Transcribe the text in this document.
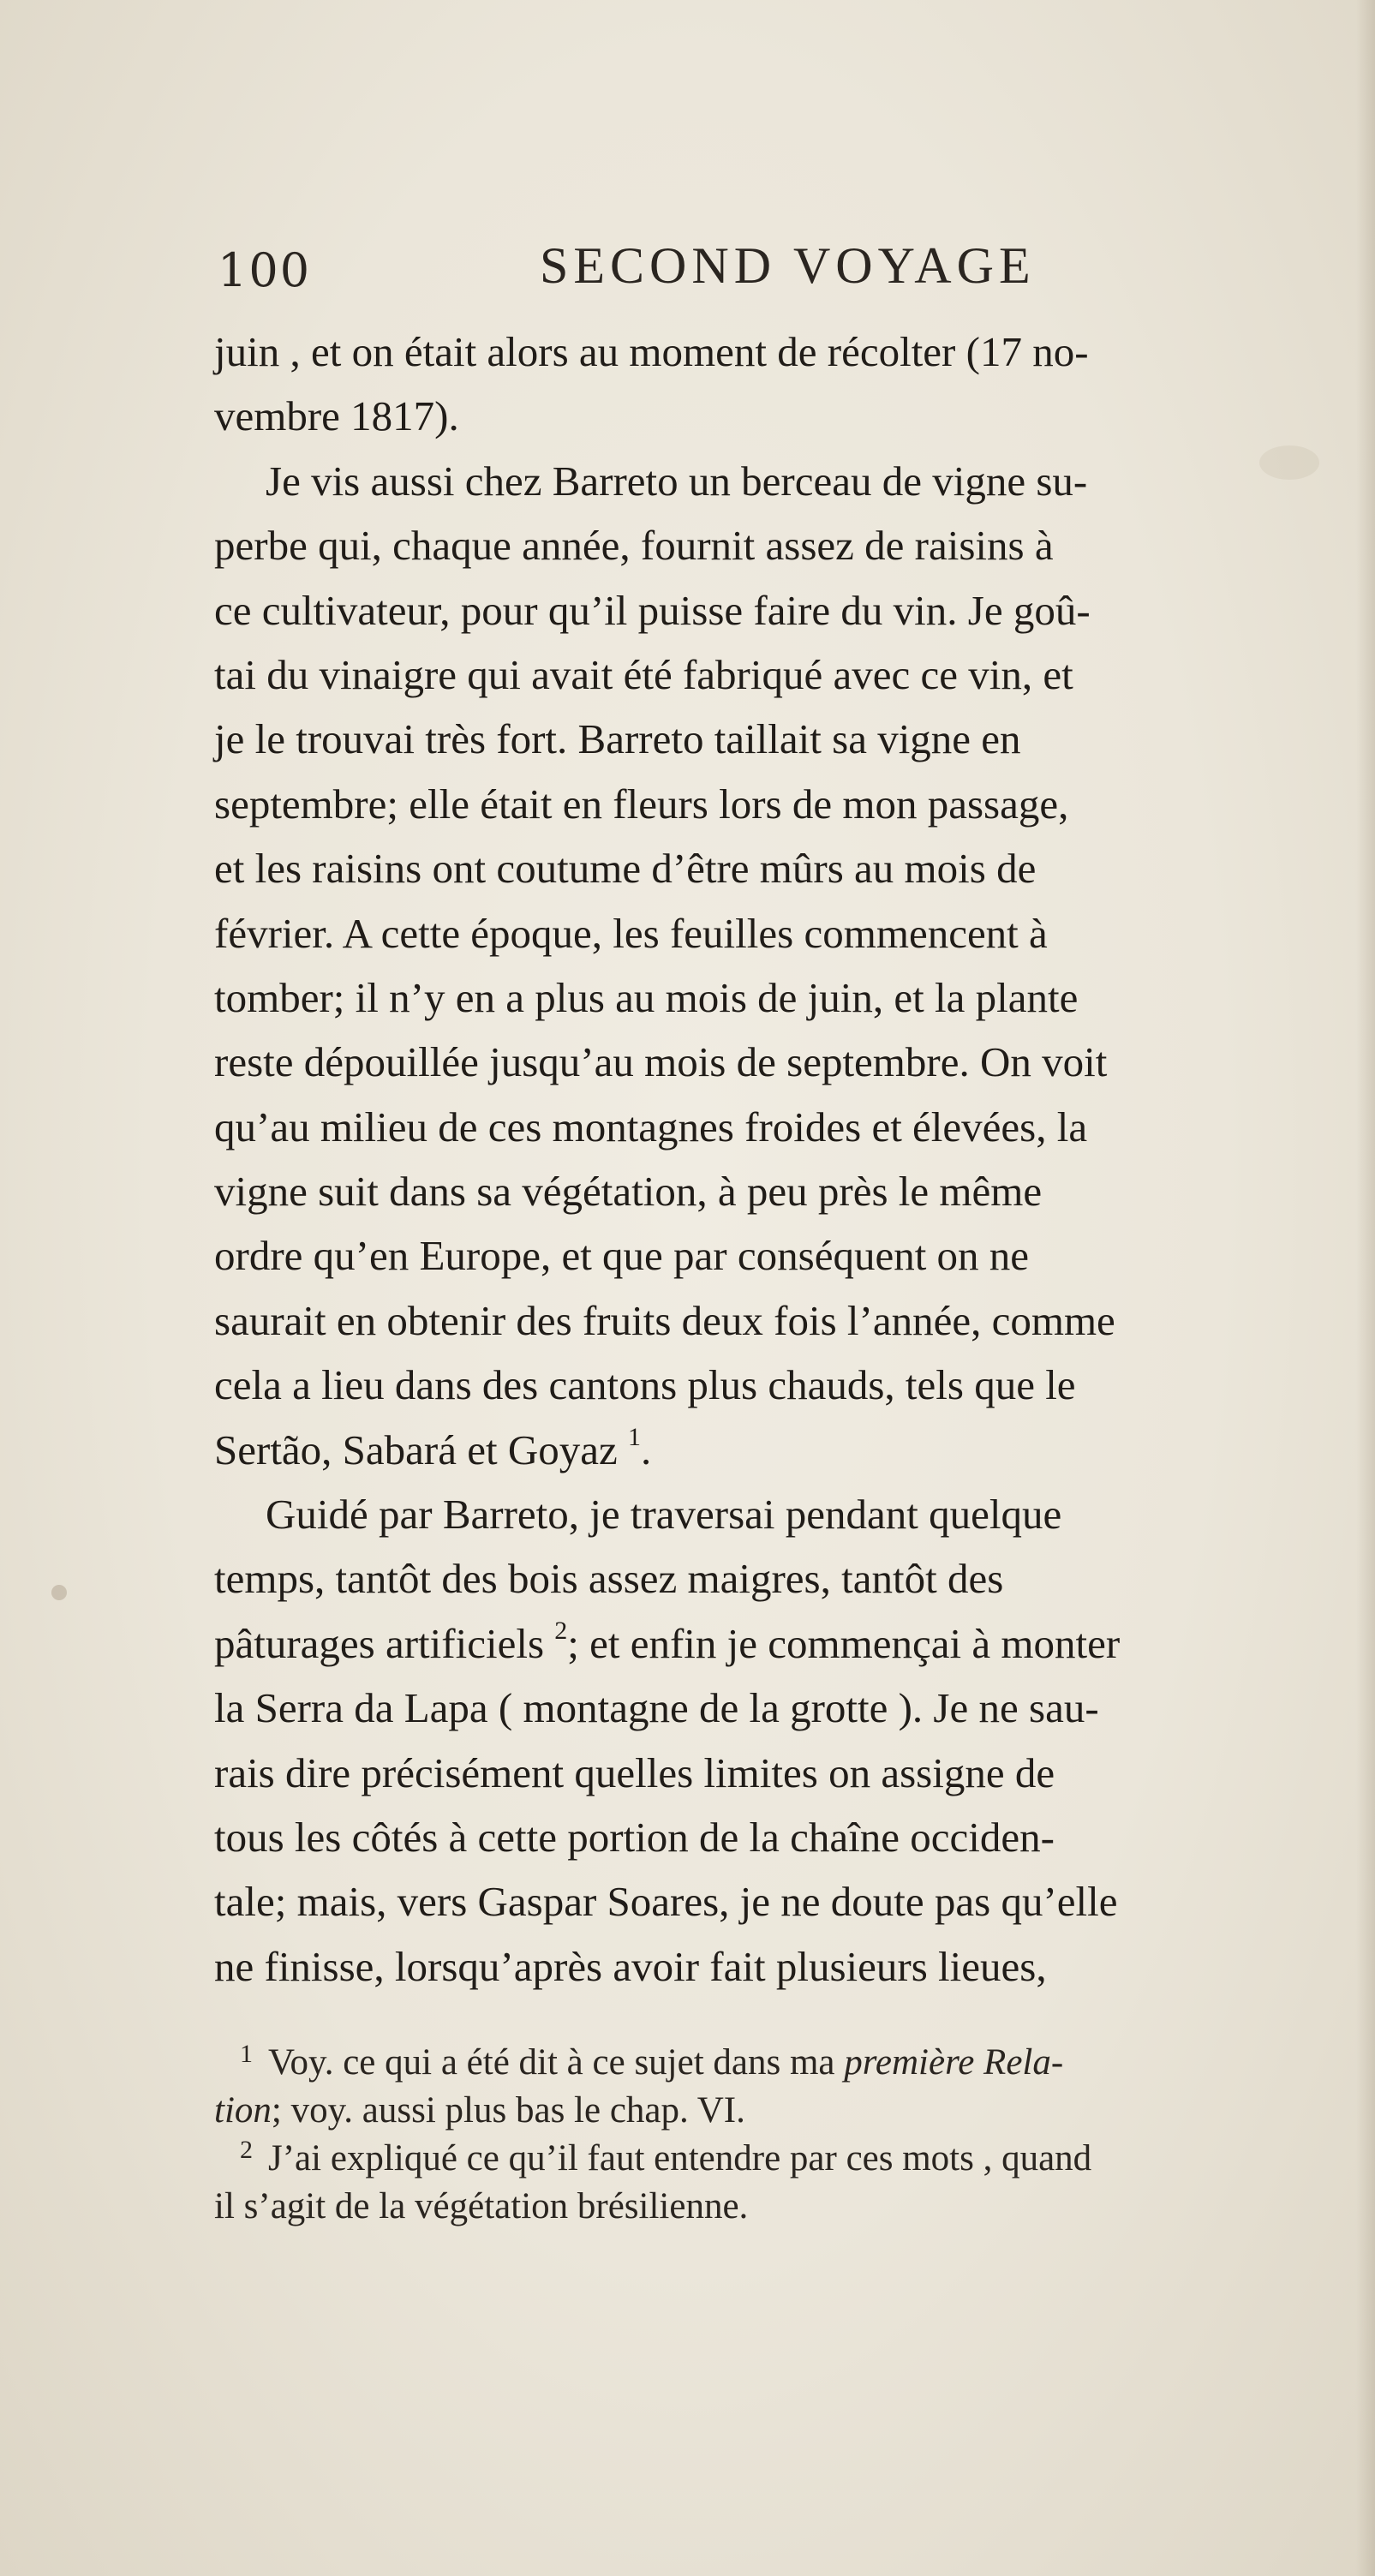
100	SECOND VOYAGE
juin , et on était alors au moment de récolter (17 no-
vembre 1817).
Je vis aussi chez Barreto un berceau de vigne su-
perbe qui, chaque année, fournit assez de raisins à
ce cultivateur, pour qu’il puisse faire du vin. Je goû-
tai du vinaigre qui avait été fabriqué avec ce vin, et
je le trouvai très fort. Barreto taillait sa vigne en
septembre; elle était en fleurs lors de mon passage,
et les raisins ont coutume d’être mûrs au mois de
février. A cette époque, les feuilles commencent à
tomber; il n’y en a plus au mois de juin, et la plante
reste dépouillée jusqu’au mois de septembre. On voit
qu’au milieu de ces montagnes froides et élevées, la
vigne suit dans sa végétation, à peu près le même
ordre qu’en Europe, et que par conséquent on ne
saurait en obtenir des fruits deux fois l’année, comme
cela a lieu dans des cantons plus chauds, tels que le
Sertão, Sabará et Goyaz $^1$.
Guidé par Barreto, je traversai pendant quelque
temps, tantôt des bois assez maigres, tantôt des
pâturages artificiels $^2$; et enfin je commençai à monter
la Serra da Lapa ( montagne de la grotte ). Je ne sau-
rais dire précisément quelles limites on assigne de
tous les côtés à cette portion de la chaîne occiden-
tale; mais, vers Gaspar Soares, je ne doute pas qu’elle
ne finisse, lorsqu’après avoir fait plusieurs lieues,
$^1$ Voy. ce qui a été dit à ce sujet dans ma première Rela-
tion; voy. aussi plus bas le chap. VI.
$^2$ J’ai expliqué ce qu’il faut entendre par ces mots , quand
il s’agit de la végétation brésilienne.
